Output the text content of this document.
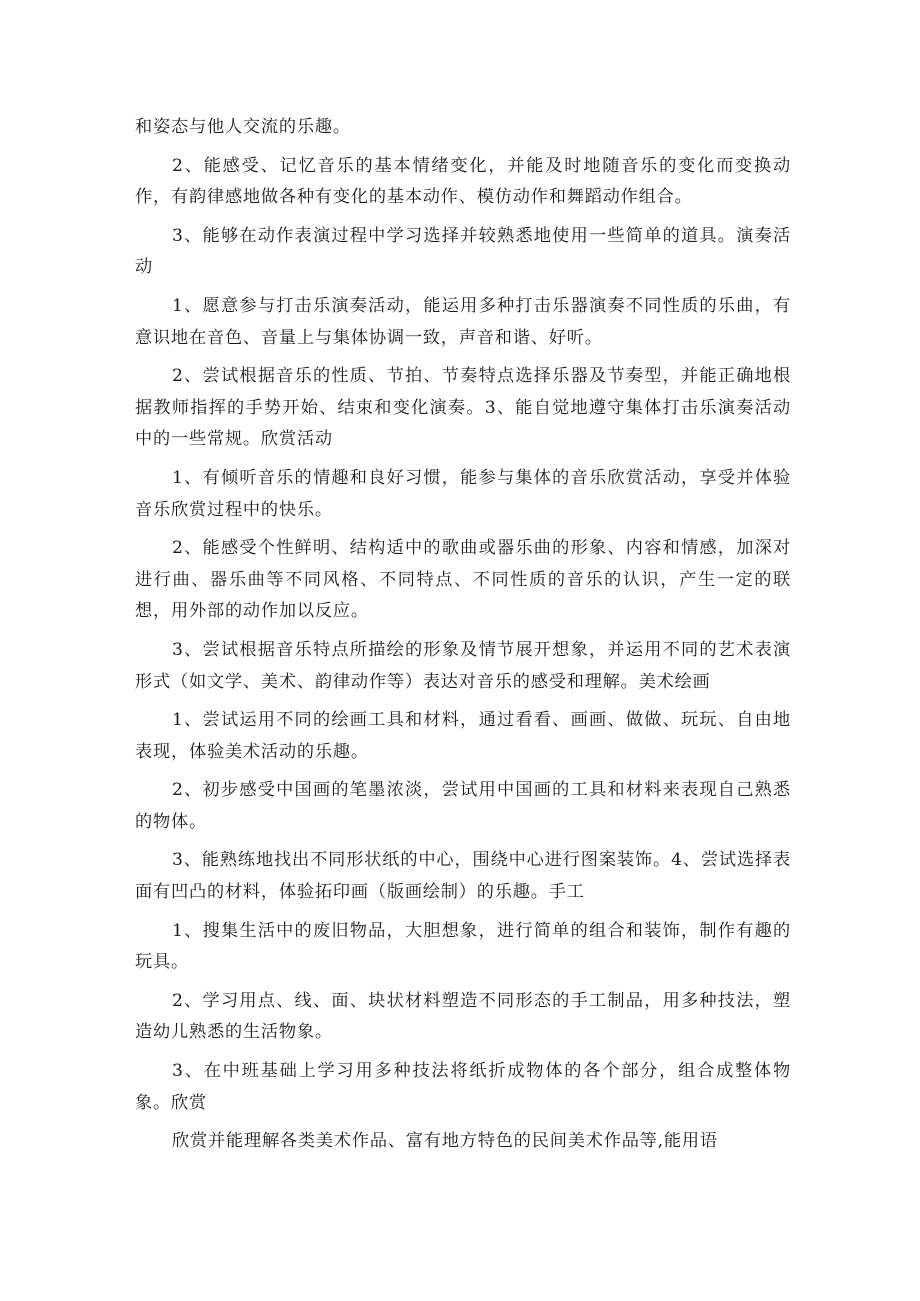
和姿态与他人交流的乐趣。

2、能感受、记忆音乐的基本情绪变化，并能及时地随音乐的变化而变换动作，有韵律感地做各种有变化的基本动作、模仿动作和舞蹈动作组合。

3、能够在动作表演过程中学习选择并较熟悉地使用一些简单的道具。演奏活动

1、愿意参与打击乐演奏活动，能运用多种打击乐器演奏不同性质的乐曲，有意识地在音色、音量上与集体协调一致，声音和谐、好听。

2、尝试根据音乐的性质、节拍、节奏特点选择乐器及节奏型，并能正确地根据教师指挥的手势开始、结束和变化演奏。3、能自觉地遵守集体打击乐演奏活动中的一些常规。欣赏活动

1、有倾听音乐的情趣和良好习惯，能参与集体的音乐欣赏活动，享受并体验音乐欣赏过程中的快乐。

2、能感受个性鲜明、结构适中的歌曲或器乐曲的形象、内容和情感，加深对进行曲、器乐曲等不同风格、不同特点、不同性质的音乐的认识，产生一定的联想，用外部的动作加以反应。

3、尝试根据音乐特点所描绘的形象及情节展开想象，并运用不同的艺术表演形式（如文学、美术、韵律动作等）表达对音乐的感受和理解。美术绘画

1、尝试运用不同的绘画工具和材料，通过看看、画画、做做、玩玩、自由地表现，体验美术活动的乐趣。

2、初步感受中国画的笔墨浓淡，尝试用中国画的工具和材料来表现自己熟悉的物体。

3、能熟练地找出不同形状纸的中心，围绕中心进行图案装饰。4、尝试选择表面有凹凸的材料，体验拓印画（版画绘制）的乐趣。手工

1、搜集生活中的废旧物品，大胆想象，进行简单的组合和装饰，制作有趣的玩具。

2、学习用点、线、面、块状材料塑造不同形态的手工制品，用多种技法，塑造幼儿熟悉的生活物象。

3、在中班基础上学习用多种技法将纸折成物体的各个部分，组合成整体物象。欣赏

欣赏并能理解各类美术作品、富有地方特色的民间美术作品等,能用语
